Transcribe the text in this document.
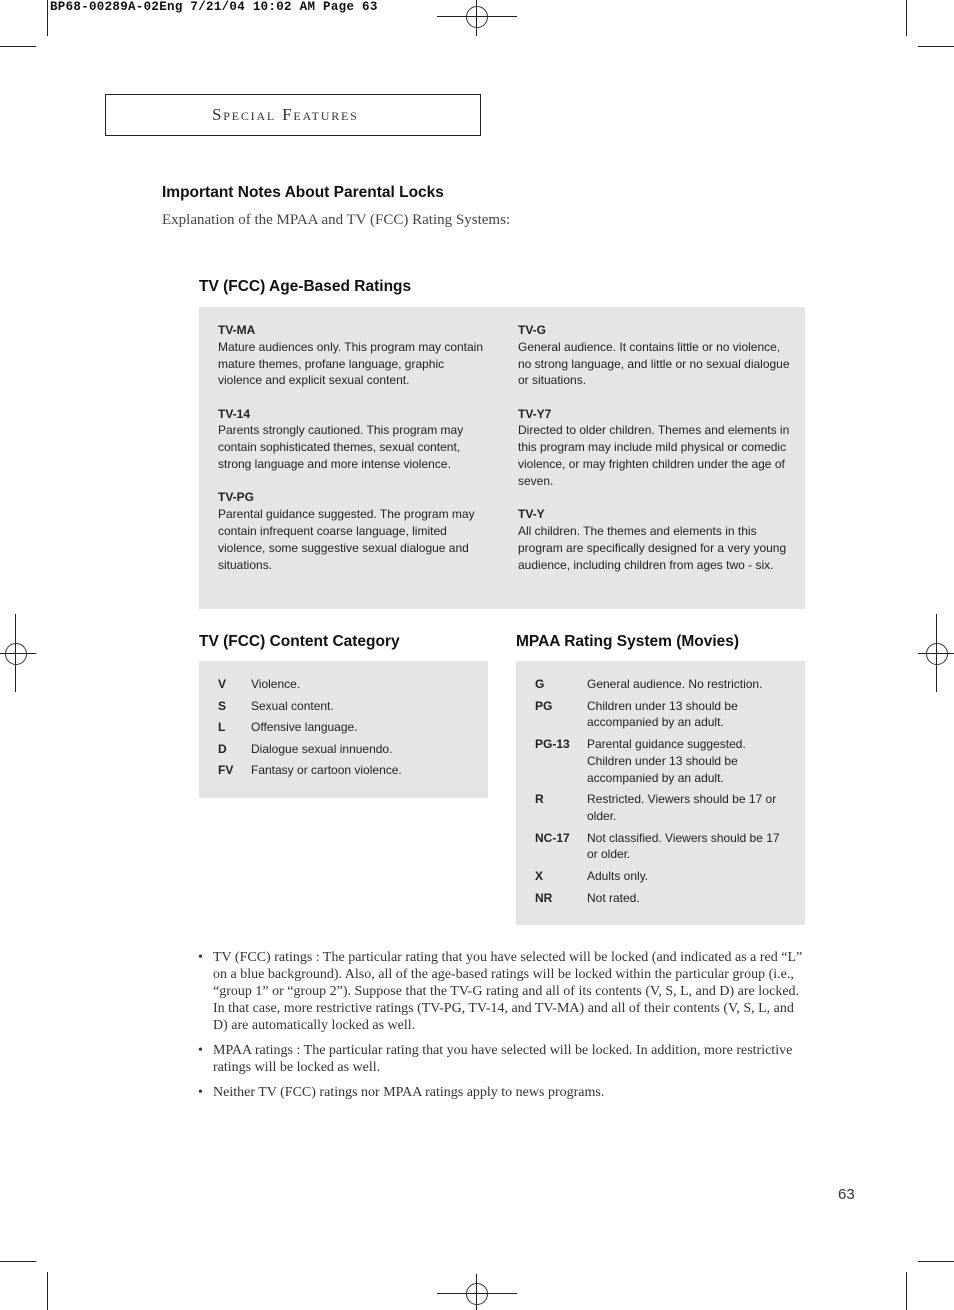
BP68-00289A-02Eng 7/21/04 10:02 AM Page 63
Special Features
Important Notes About Parental Locks
Explanation of the MPAA and TV (FCC) Rating Systems:
TV (FCC) Age-Based Ratings
TV-MA
Mature audiences only. This program may contain mature themes, profane language, graphic violence and explicit sexual content.
TV-14
Parents strongly cautioned. This program may contain sophisticated themes, sexual content, strong language and more intense violence.
TV-PG
Parental guidance suggested. The program may contain infrequent coarse language, limited violence, some suggestive sexual dialogue and situations.
TV-G
General audience. It contains little or no violence, no strong language, and little or no sexual dialogue or situations.
TV-Y7
Directed to older children. Themes and elements in this program may include mild physical or comedic violence, or may frighten children under the age of seven.
TV-Y
All children. The themes and elements in this program are specifically designed for a very young audience, including children from ages two - six.
TV (FCC) Content Category
V	Violence.
S	Sexual content.
L	Offensive language.
D	Dialogue sexual innuendo.
FV	Fantasy or cartoon violence.
MPAA Rating System (Movies)
G	General audience. No restriction.
PG	Children under 13 should be accompanied by an adult.
PG-13	Parental guidance suggested. Children under 13 should be accompanied by an adult.
R	Restricted. Viewers should be 17 or older.
NC-17	Not classified. Viewers should be 17 or older.
X	Adults only.
NR	Not rated.
• TV (FCC) ratings : The particular rating that you have selected will be locked (and indicated as a red “L” on a blue background). Also, all of the age-based ratings will be locked within the particular group (i.e., “group 1” or “group 2”). Suppose that the TV-G rating and all of its contents (V, S, L, and D) are locked. In that case, more restrictive ratings (TV-PG, TV-14, and TV-MA) and all of their contents (V, S, L, and D) are automatically locked as well.
• MPAA ratings : The particular rating that you have selected will be locked. In addition, more restrictive ratings will be locked as well.
• Neither TV (FCC) ratings nor MPAA ratings apply to news programs.
63
